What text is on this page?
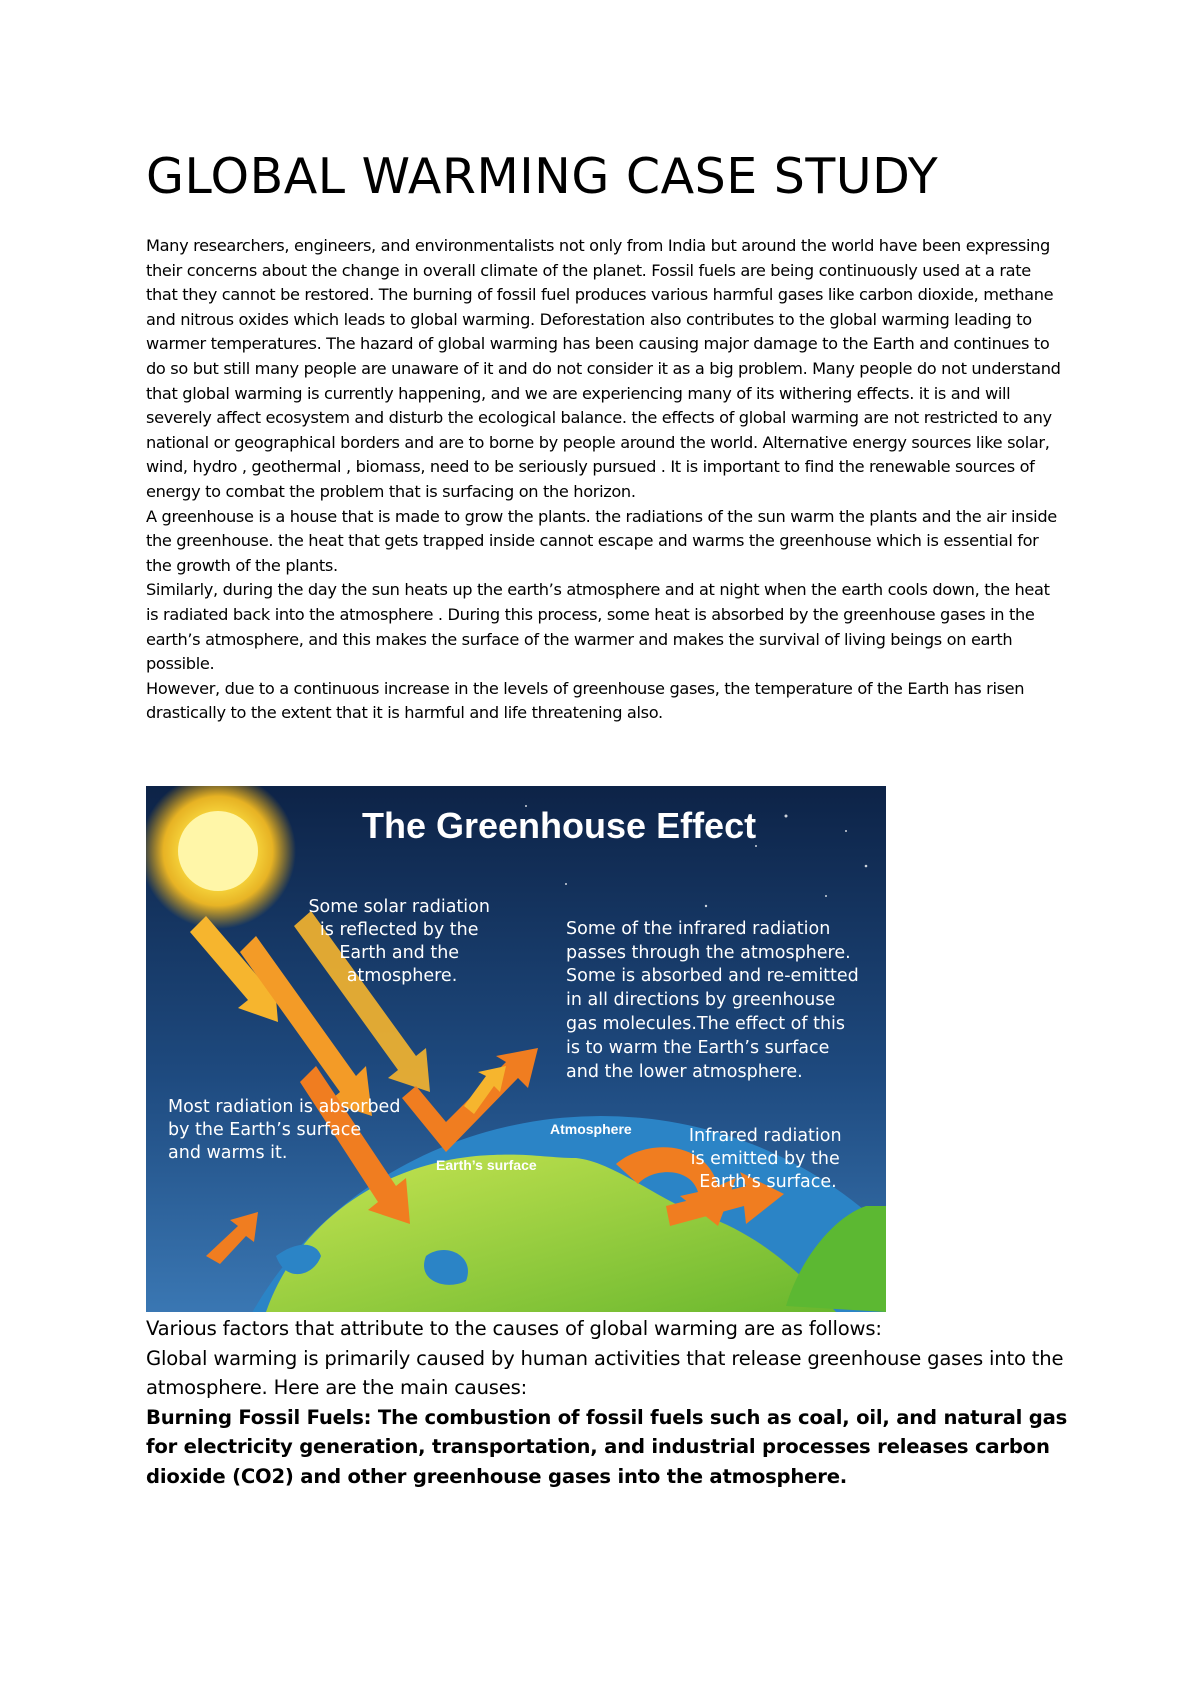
GLOBAL WARMING CASE STUDY

Many researchers, engineers, and environmentalists not only from India but around the world have been expressing their concerns about the change in overall climate of the planet. Fossil fuels are being continuously used at a rate that they cannot be restored. The burning of fossil fuel produces various harmful gases like carbon dioxide, methane and nitrous oxides which leads to global warming. Deforestation also contributes to the global warming leading to warmer temperatures. The hazard of global warming has been causing major damage to the Earth and continues to do so but still many people are unaware of it and do not consider it as a big problem. Many people do not understand that global warming is currently happening, and we are experiencing many of its withering effects. it is and will severely affect ecosystem and disturb the ecological balance. the effects of global warming are not restricted to any national or geographical borders and are to borne by people around the world. Alternative energy sources like solar, wind, hydro , geothermal , biomass, need to be seriously pursued . It is important to find the renewable sources of energy to combat the problem that is surfacing on the horizon.

A greenhouse is a house that is made to grow the plants. the radiations of the sun warm the plants and the air inside the greenhouse. the heat that gets trapped inside cannot escape and warms the greenhouse which is essential for the growth of the plants.

Similarly, during the day the sun heats up the earth’s atmosphere and at night when the earth cools down, the heat is radiated back into the atmosphere . During this process, some heat is absorbed by the greenhouse gases in the earth’s atmosphere, and this makes the surface of the warmer and makes the survival of living beings on earth possible.

However, due to a continuous increase in the levels of greenhouse gases, the temperature of the Earth has risen drastically to the extent that it is harmful and life threatening also.

The Greenhouse Effect
Some solar radiation is reflected by the Earth and the atmosphere.
Some of the infrared radiation passes through the atmosphere. Some is absorbed and re-emitted in all directions by greenhouse gas molecules.The effect of this is to warm the Earth’s surface and the lower atmosphere.
Most radiation is absorbed by the Earth’s surface and warms it.
Infrared radiation is emitted by the Earth’s surface.
Atmosphere
Earth’s surface

Various factors that attribute to the causes of global warming are as follows:

Global warming is primarily caused by human activities that release greenhouse gases into the atmosphere. Here are the main causes:

Burning Fossil Fuels: The combustion of fossil fuels such as coal, oil, and natural gas for electricity generation, transportation, and industrial processes releases carbon dioxide (CO2) and other greenhouse gases into the atmosphere.
